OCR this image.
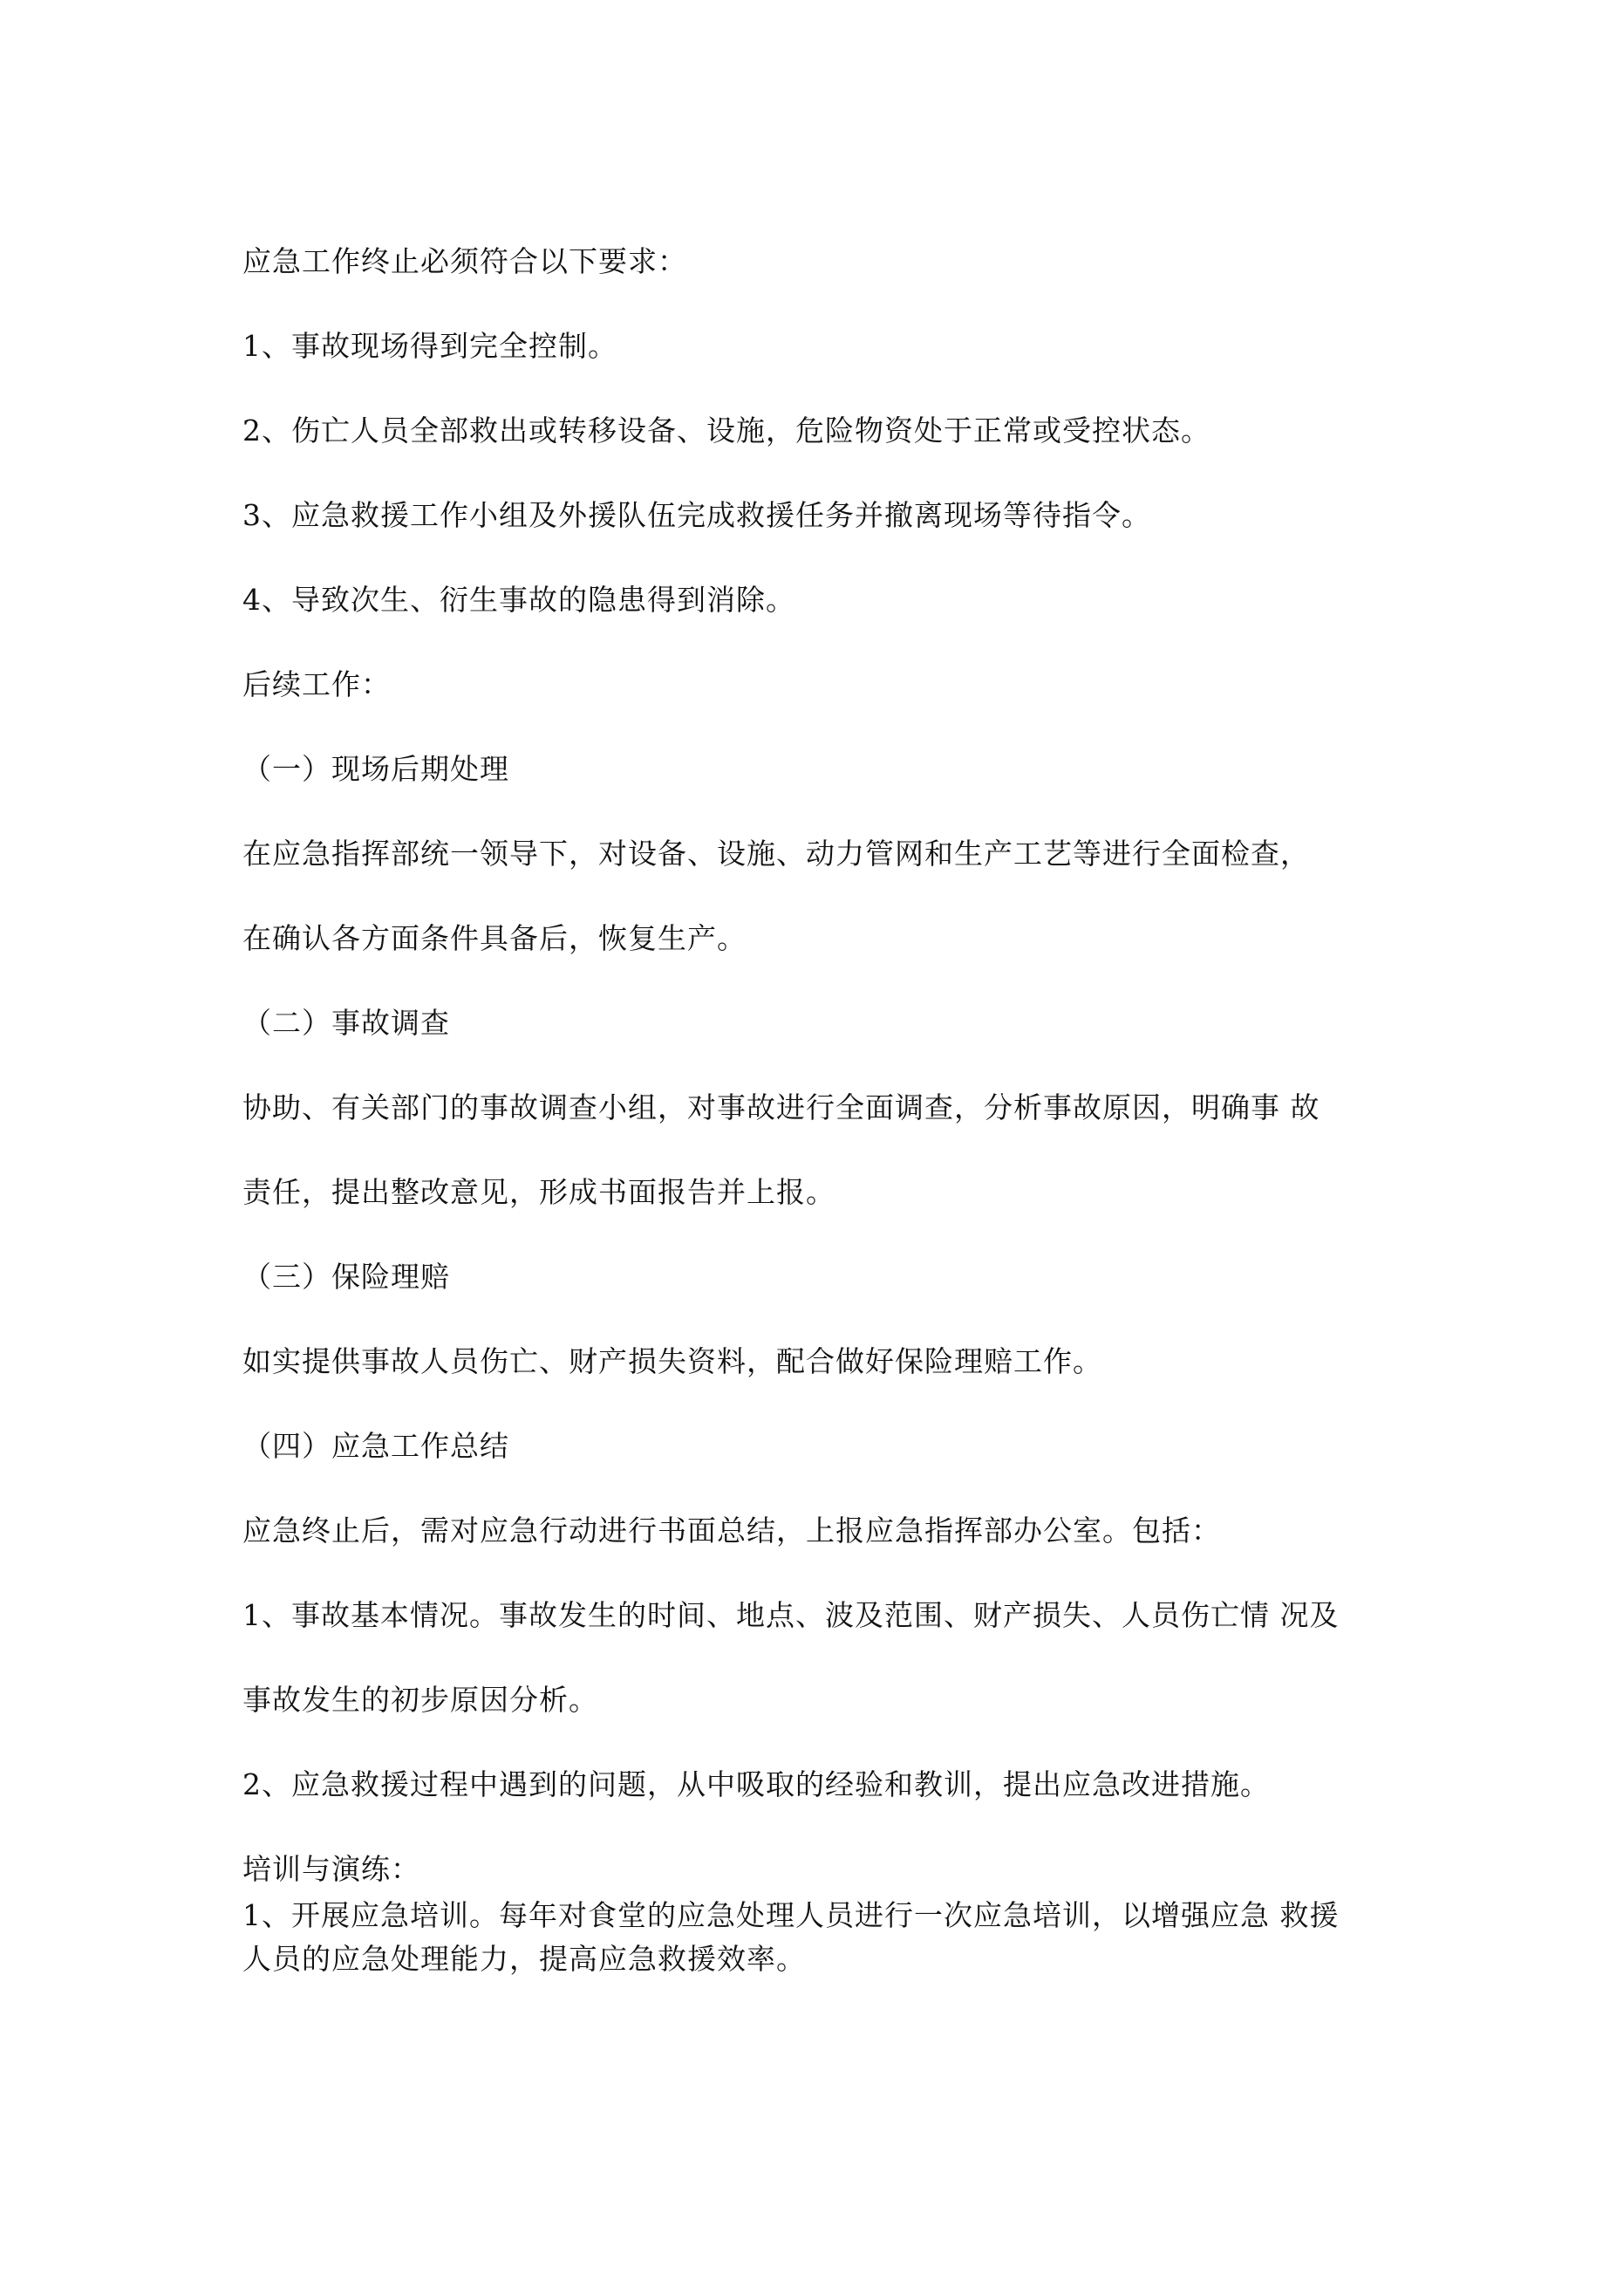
应急工作终止必须符合以下要求：
1、事故现场得到完全控制。
2、伤亡人员全部救出或转移设备、设施，危险物资处于正常或受控状态。
3、应急救援工作小组及外援队伍完成救援任务并撤离现场等待指令。
4、导致次生、衍生事故的隐患得到消除。
后续工作：
（一）现场后期处理
在应急指挥部统一领导下，对设备、设施、动力管网和生产工艺等进行全面检查，
在确认各方面条件具备后，恢复生产。
（二）事故调查
协助、有关部门的事故调查小组，对事故进行全面调查，分析事故原因，明确事 故
责任，提出整改意见，形成书面报告并上报。
（三）保险理赔
如实提供事故人员伤亡、财产损失资料，配合做好保险理赔工作。
（四）应急工作总结
应急终止后，需对应急行动进行书面总结，上报应急指挥部办公室。包括：
1、事故基本情况。事故发生的时间、地点、波及范围、财产损失、人员伤亡情 况及
事故发生的初步原因分析。
2、应急救援过程中遇到的问题，从中吸取的经验和教训，提出应急改进措施。
培训与演练：
1、开展应急培训。每年对食堂的应急处理人员进行一次应急培训，以增强应急 救援
人员的应急处理能力，提高应急救援效率。
